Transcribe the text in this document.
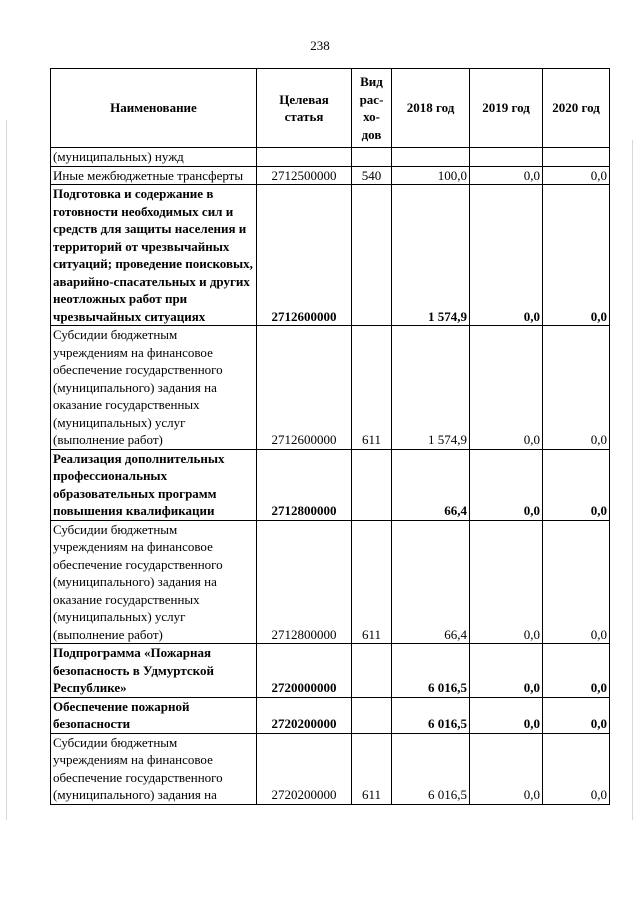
238
Наименование	Целевая статья	Вид рас- хо- дов	2018 год	2019 год	2020 год
(муниципальных) нужд					
Иные межбюджетные трансферты	2712500000	540	100,0	0,0	0,0
Подготовка и содержание в готовности необходимых сил и средств для защиты населения и территорий от чрезвычайных ситуаций; проведение поисковых, аварийно-спасательных и других неотложных работ при чрезвычайных ситуациях	2712600000		1 574,9	0,0	0,0
Субсидии бюджетным учреждениям на финансовое обеспечение государственного (муниципального) задания на оказание государственных (муниципальных) услуг (выполнение работ)	2712600000	611	1 574,9	0,0	0,0
Реализация дополнительных профессиональных образовательных программ повышения квалификации	2712800000		66,4	0,0	0,0
Субсидии бюджетным учреждениям на финансовое обеспечение государственного (муниципального) задания на оказание государственных (муниципальных) услуг (выполнение работ)	2712800000	611	66,4	0,0	0,0
Подпрограмма «Пожарная безопасность в Удмуртской Республике»	2720000000		6 016,5	0,0	0,0
Обеспечение пожарной безопасности	2720200000		6 016,5	0,0	0,0
Субсидии бюджетным учреждениям на финансовое обеспечение государственного (муниципального) задания на	2720200000	611	6 016,5	0,0	0,0
